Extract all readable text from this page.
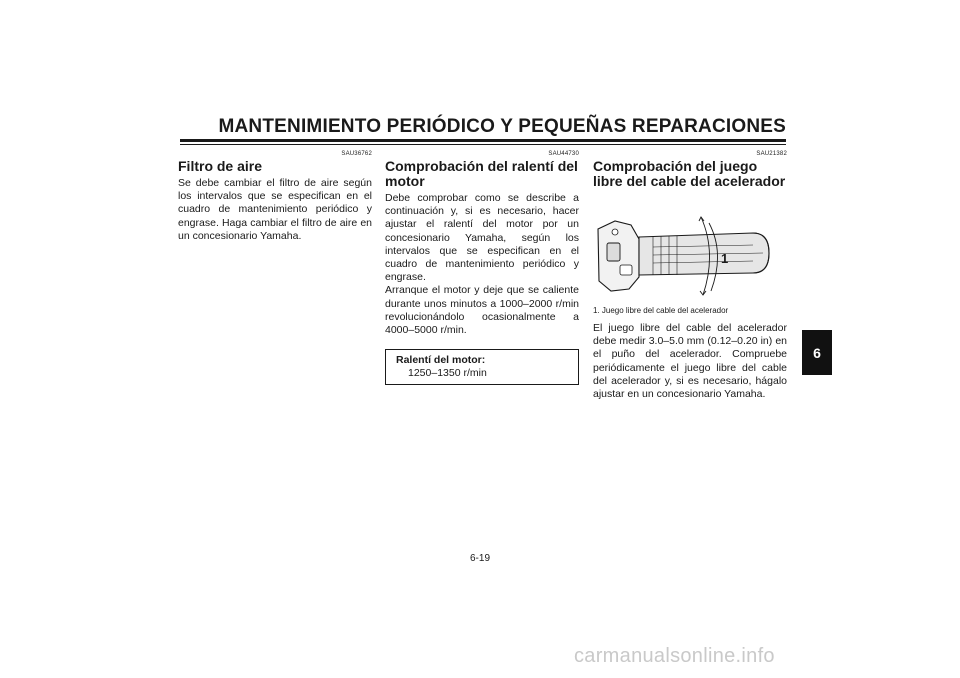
MANTENIMIENTO PERIÓDICO Y PEQUEÑAS REPARACIONES
SAU36762
Filtro de aire

Se debe cambiar el filtro de aire según los intervalos que se especifican en el cuadro de mantenimiento periódico y engrase. Haga cambiar el filtro de aire en un concesionario Yamaha.

SAU44730
Comprobación del ralentí del motor

Debe comprobar como se describe a continuación y, si es necesario, hacer ajustar el ralentí del motor por un concesionario Yamaha, según los intervalos que se especifican en el cuadro de mantenimiento periódico y engrase.

Arranque el motor y deje que se caliente durante unos minutos a 1000–2000 r/min revolucionándolo ocasionalmente a 4000–5000 r/min.

Ralentí del motor:
1250–1350 r/min
SAU21382
Comprobación del juego libre del cable del acelerador
1
1. Juego libre del cable del acelerador

El juego libre del cable del acelerador debe medir 3.0–5.0 mm (0.12–0.20 in) en el puño del acelerador. Compruebe periódicamente el juego libre del cable del acelerador y, si es necesario, hágalo ajustar en un concesionario Yamaha.

6
6-19
carmanualsonline.info
